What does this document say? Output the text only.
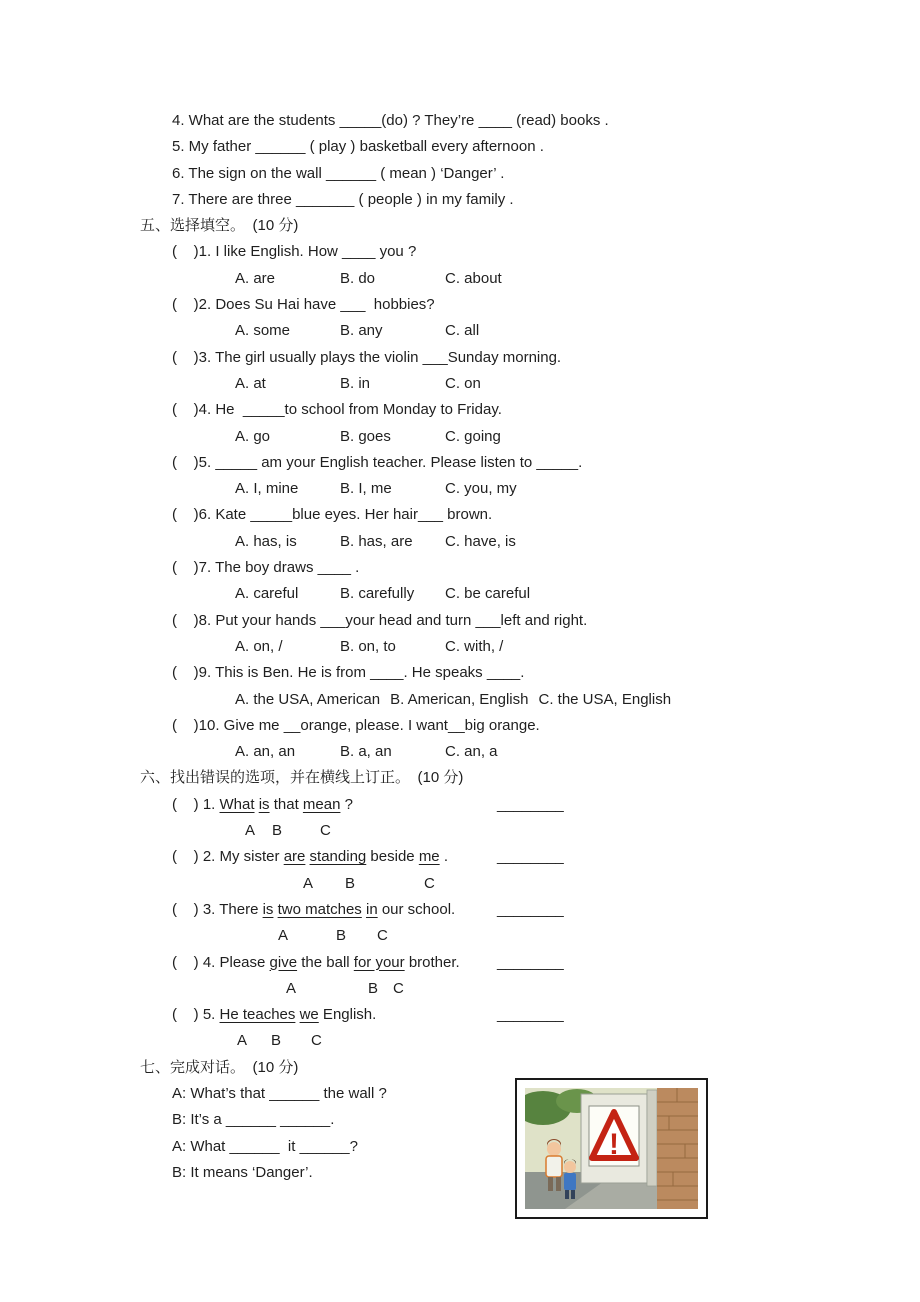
4. What are the students _____(do) ? They’re ____ (read) books .
5. My father ______ ( play ) basketball every afternoon .
6. The sign on the wall ______ ( mean ) ‘Danger’ .
7. There are three _______ ( people ) in my family .
五、选择填空。　(10 分)
(    )1. I like English. How ____ you ?
A. are	B. do	C. about
(    )2. Does Su Hai have ___  hobbies?
A. some	B. any	C. all
(    )3. The girl usually plays the violin ___Sunday morning.
A. at	B. in	C. on
(    )4. He  _____to school from Monday to Friday.
A. go	B. goes	C. going
(    )5. _____ am your English teacher. Please listen to _____.
A. I, mine	B. I, me	C. you, my
(    )6. Kate _____blue eyes. Her hair___ brown.
A. has, is	B. has, are C. have, is
(    )7. The boy draws ____ .
A. careful	B. carefully C. be careful
(    )8. Put your hands ___your head and turn ___left and right.
A. on, /	B. on, to	C. with, /
(    )9. This is Ben. He is from ____. He speaks ____.
A. the USA, American B. American, English C. the USA, English
(    )10. Give me __orange, please. I want__big orange.
A. an, an	B. a, an	C. an, a
六、找出错误的选项，并在横线上订正。　(10 分)
(    ) 1. What is that mean ?	________
A B	C
(    ) 2. My sister are standing beside me .	________
A B	C
(    ) 3. There is two matches in our school.	________
A	B C
(    ) 4. Please give the ball for your brother. ________
A	B C
(    ) 5. He teaches we English.	________
A B C
七、完成对话。　(10 分)
A: What’s that ______ the wall ?
B: It’s a ______ ______.
A: What ______  it ______?
B: It means ‘Danger’.
!
